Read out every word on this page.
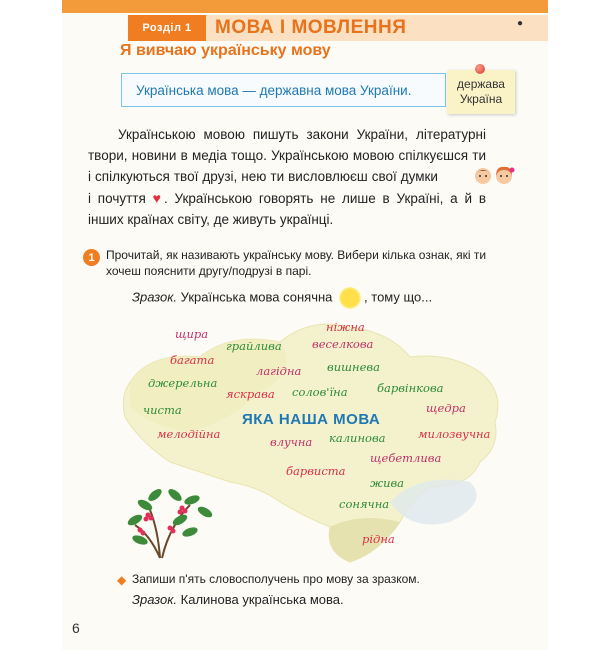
Розділ 1	МОВА І МОВЛЕННЯ	●
Я вивчаю українську мову
Українська мова — державна мова України.	держава
Україна

Українською мовою пишуть закони України, літературні твори, новини в медіа тощо. Українською мовою спілкуєшся ти і спілкуються твої друзі, нею ти висловлюєш свої думки  і почуття ♥. Українською говорять не лише в Україні, а й в інших країнах світу, де живуть українці.

1 Прочитай, як називають українську мову. Вибери кілька ознак, які ти хочеш пояснити другу/подрузі в парі.
Зразок. Українська мова сонячна , тому що...
ЯКА НАША МОВА
щира	ніжна
грайлива	веселкова
багата
лагідна вишнева
джерельна
яскрава солов'їна	барвінкова
чиста	щедра
мелодійна
влучна калинова	милозвучна
щебетлива
барвиста
жива
сонячна
рідна
◆ Запиши п'ять словосполучень про мову за зразком.
Зразок. Калинова українська мова.
6
